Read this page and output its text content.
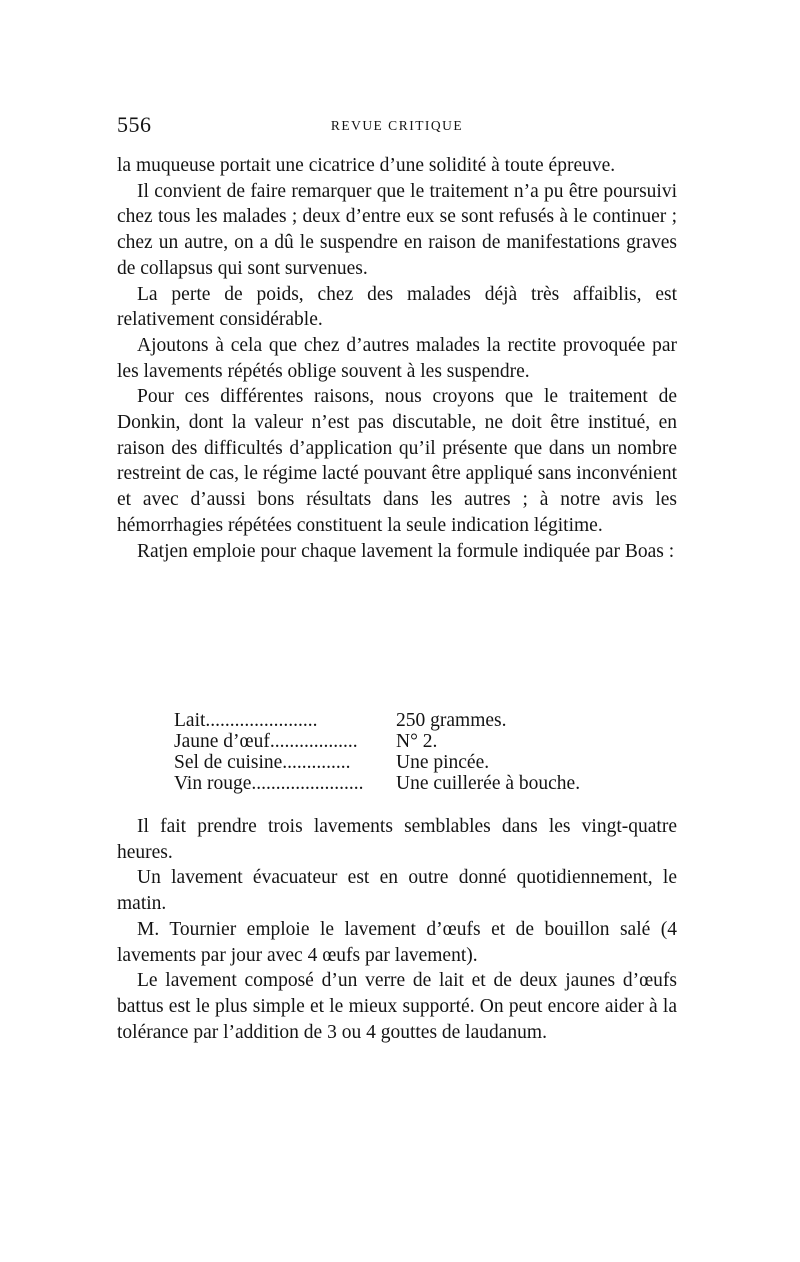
556	REVUE CRITIQUE

la muqueuse portait une cicatrice d’une solidité à toute épreuve.

Il convient de faire remarquer que le traitement n’a pu être poursuivi chez tous les malades ; deux d’entre eux se sont refusés à le continuer ; chez un autre, on a dû le suspendre en raison de manifestations graves de collapsus qui sont survenues.

La perte de poids, chez des malades déjà très affaiblis, est relativement considérable.

Ajoutons à cela que chez d’autres malades la rectite provoquée par les lavements répétés oblige souvent à les suspendre.

Pour ces différentes raisons, nous croyons que le traitement de Donkin, dont la valeur n’est pas discutable, ne doit être institué, en raison des difficultés d’application qu’il présente que dans un nombre restreint de cas, le régime lacté pouvant être appliqué sans inconvénient et avec d’aussi bons résultats dans les autres ; à notre avis les hémorrhagies répétées constituent la seule indication légitime.

Ratjen emploie pour chaque lavement la formule indiquée par Boas :

Lait.......................	250 grammes.
Jaune d’œuf..................	N° 2.
Sel de cuisine..............	Une pincée.
Vin rouge.......................	Une cuillerée à bouche.

Il fait prendre trois lavements semblables dans les vingt-quatre heures.

Un lavement évacuateur est en outre donné quotidiennement, le matin.

M. Tournier emploie le lavement d’œufs et de bouillon salé (4 lavements par jour avec 4 œufs par lavement).

Le lavement composé d’un verre de lait et de deux jaunes d’œufs battus est le plus simple et le mieux supporté. On peut encore aider à la tolérance par l’addition de 3 ou 4 gouttes de laudanum.
